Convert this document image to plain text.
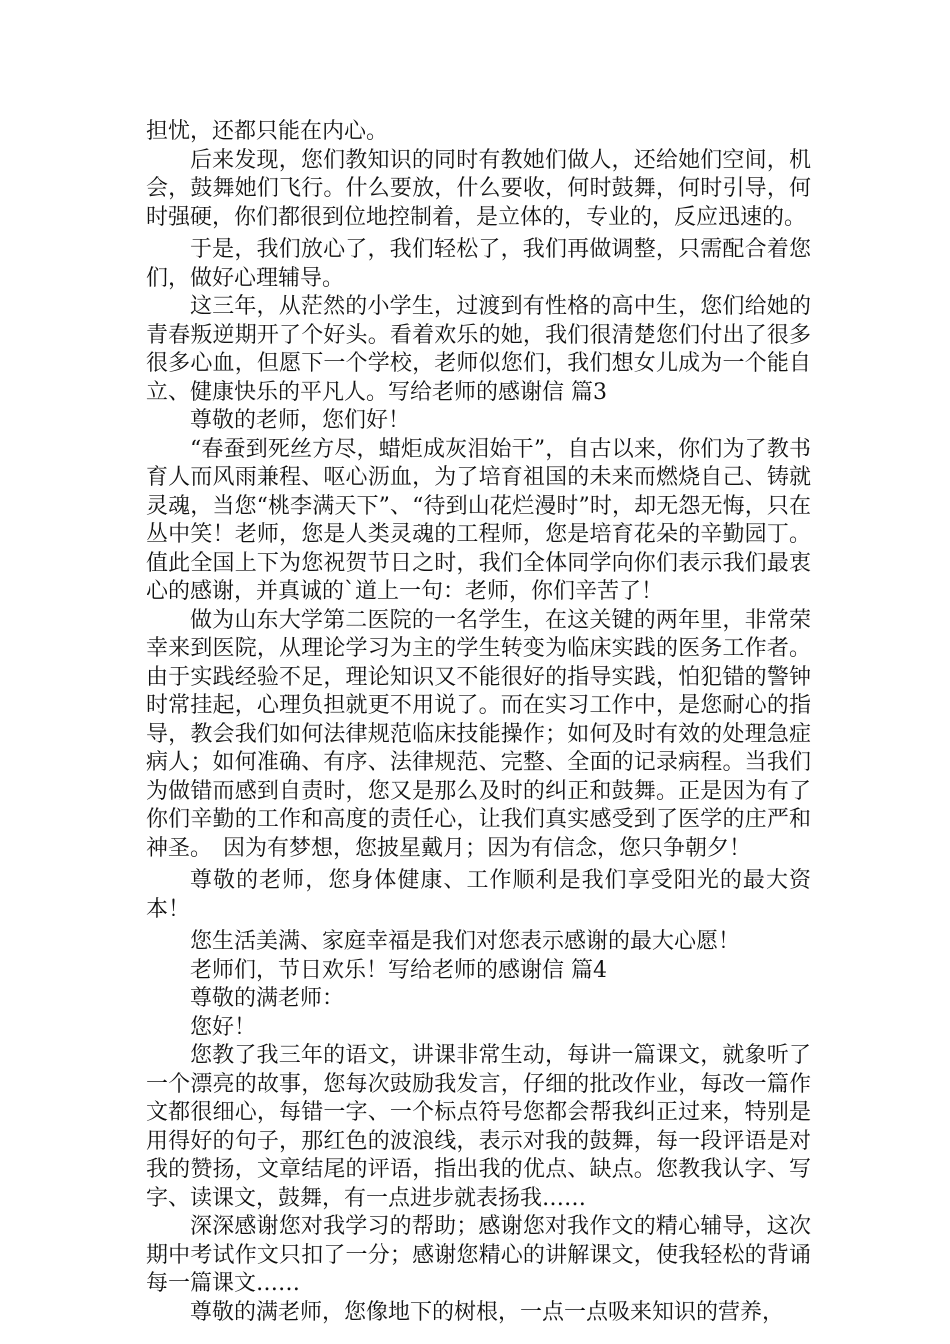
担忧，还都只能在内心。

后来发现，您们教知识的同时有教她们做人，还给她们空间，机会，鼓舞她们飞行。什么要放，什么要收，何时鼓舞，何时引导，何时强硬，你们都很到位地控制着，是立体的，专业的，反应迅速的。

于是，我们放心了，我们轻松了，我们再做调整，只需配合着您们，做好心理辅导。

这三年，从茫然的小学生，过渡到有性格的高中生，您们给她的青春叛逆期开了个好头。看着欢乐的她，我们很清楚您们付出了很多很多心血，但愿下一个学校，老师似您们，我们想女儿成为一个能自立、健康快乐的平凡人。写给老师的感谢信 篇3

尊敬的老师，您们好！

“春蚕到死丝方尽，蜡炬成灰泪始干”，自古以来，你们为了教书育人而风雨兼程、呕心沥血，为了培育祖国的未来而燃烧自己、铸就灵魂，当您“桃李满天下”、“待到山花烂漫时”时，却无怨无悔，只在丛中笑！老师，您是人类灵魂的工程师，您是培育花朵的辛勤园丁。值此全国上下为您祝贺节日之时，我们全体同学向你们表示我们最衷心的感谢，并真诚的`道上一句：老师，你们辛苦了！

做为山东大学第二医院的一名学生，在这关键的两年里，非常荣幸来到医院，从理论学习为主的学生转变为临床实践的医务工作者。由于实践经验不足，理论知识又不能很好的指导实践，怕犯错的警钟时常挂起，心理负担就更不用说了。而在实习工作中，是您耐心的指导，教会我们如何法律规范临床技能操作；如何及时有效的处理急症病人；如何准确、有序、法律规范、完整、全面的记录病程。当我们为做错而感到自责时，您又是那么及时的纠正和鼓舞。正是因为有了你们辛勤的工作和高度的责任心，让我们真实感受到了医学的庄严和神圣。　因为有梦想，您披星戴月；因为有信念，您只争朝夕！

尊敬的老师，您身体健康、工作顺利是我们享受阳光的最大资本！

您生活美满、家庭幸福是我们对您表示感谢的最大心愿！

老师们，节日欢乐！写给老师的感谢信 篇4

尊敬的满老师：

您好！

您教了我三年的语文，讲课非常生动，每讲一篇课文，就象听了一个漂亮的故事，您每次豉励我发言，仔细的批改作业，每改一篇作文都很细心，每错一字、一个标点符号您都会帮我纠正过来，特别是用得好的句子，那红色的波浪线，表示对我的鼓舞，每一段评语是对我的赞扬，文章结尾的评语，指出我的优点、缺点。您教我认字、写字、读课文，鼓舞，有一点进步就表扬我……

深深感谢您对我学习的帮助；感谢您对我作文的精心辅导，这次期中考试作文只扣了一分；感谢您精心的讲解课文，使我轻松的背诵每一篇课文……

尊敬的满老师，您像地下的树根，一点一点吸来知识的营养，
